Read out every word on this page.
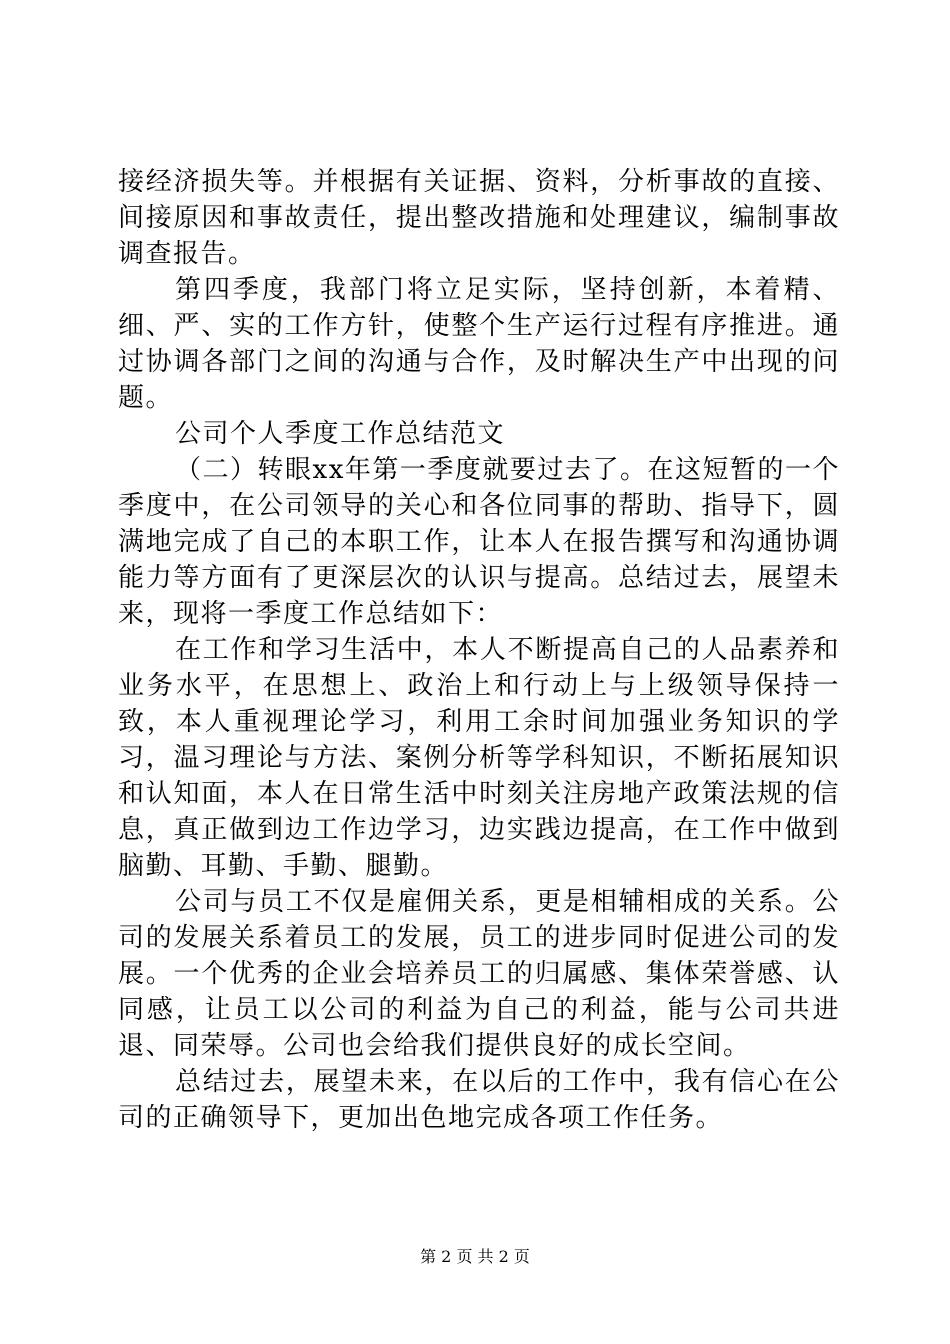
接经济损失等。并根据有关证据、资料，分析事故的直接、间接原因和事故责任，提出整改措施和处理建议，编制事故调查报告。

第四季度，我部门将立足实际，坚持创新，本着精、细、严、实的工作方针，使整个生产运行过程有序推进。通过协调各部门之间的沟通与合作，及时解决生产中出现的问题。

公司个人季度工作总结范文

（二）转眼xx年第一季度就要过去了。在这短暂的一个季度中，在公司领导的关心和各位同事的帮助、指导下，圆满地完成了自己的本职工作，让本人在报告撰写和沟通协调能力等方面有了更深层次的认识与提高。总结过去，展望未来，现将一季度工作总结如下：

在工作和学习生活中，本人不断提高自己的人品素养和业务水平，在思想上、政治上和行动上与上级领导保持一致，本人重视理论学习，利用工余时间加强业务知识的学习，温习理论与方法、案例分析等学科知识，不断拓展知识和认知面，本人在日常生活中时刻关注房地产政策法规的信息，真正做到边工作边学习，边实践边提高，在工作中做到脑勤、耳勤、手勤、腿勤。

公司与员工不仅是雇佣关系，更是相辅相成的关系。公司的发展关系着员工的发展，员工的进步同时促进公司的发展。一个优秀的企业会培养员工的归属感、集体荣誉感、认同感，让员工以公司的利益为自己的利益，能与公司共进退、同荣辱。公司也会给我们提供良好的成长空间。

总结过去，展望未来，在以后的工作中，我有信心在公司的正确领导下，更加出色地完成各项工作任务。

第 2 页 共 2 页
